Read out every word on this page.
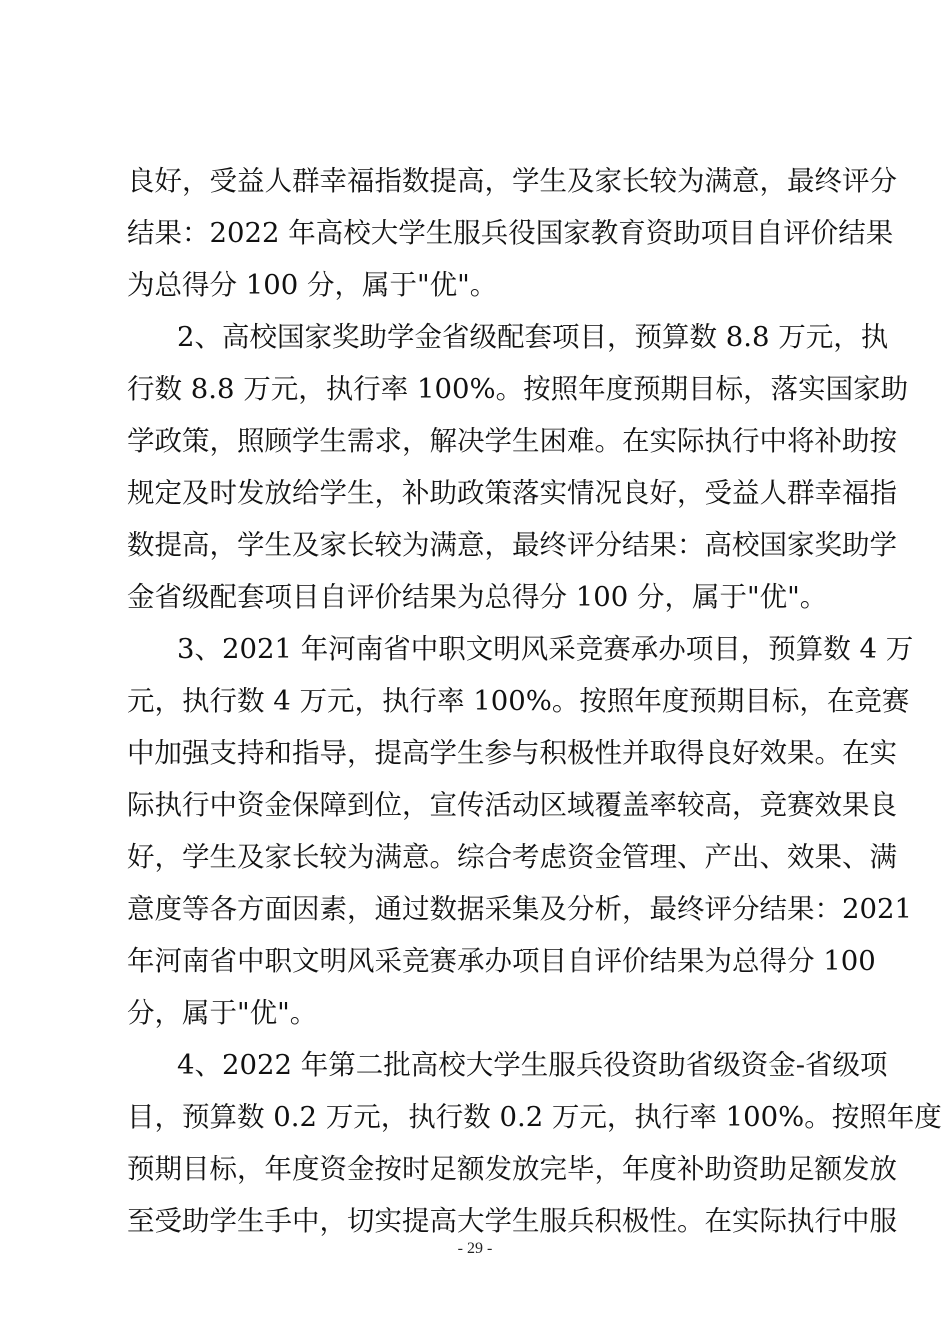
良好，受益人群幸福指数提高，学生及家长较为满意，最终评分
结果：2022 年高校大学生服兵役国家教育资助项目自评价结果
为总得分 100 分，属于"优"。
2、高校国家奖助学金省级配套项目，预算数 8.8 万元，执
行数 8.8 万元，执行率 100%。按照年度预期目标，落实国家助
学政策，照顾学生需求，解决学生困难。在实际执行中将补助按
规定及时发放给学生，补助政策落实情况良好，受益人群幸福指
数提高，学生及家长较为满意，最终评分结果：高校国家奖助学
金省级配套项目自评价结果为总得分 100 分，属于"优"。
3、2021 年河南省中职文明风采竞赛承办项目，预算数 4 万
元，执行数 4 万元，执行率 100%。按照年度预期目标，在竞赛
中加强支持和指导，提高学生参与积极性并取得良好效果。在实
际执行中资金保障到位，宣传活动区域覆盖率较高，竞赛效果良
好，学生及家长较为满意。综合考虑资金管理、产出、效果、满
意度等各方面因素，通过数据采集及分析，最终评分结果：2021
年河南省中职文明风采竞赛承办项目自评价结果为总得分 100
分，属于"优"。
4、2022 年第二批高校大学生服兵役资助省级资金-省级项
目，预算数 0.2 万元，执行数 0.2 万元，执行率 100%。按照年度
预期目标，年度资金按时足额发放完毕，年度补助资助足额发放
至受助学生手中，切实提高大学生服兵积极性。在实际执行中服
- 29 -
